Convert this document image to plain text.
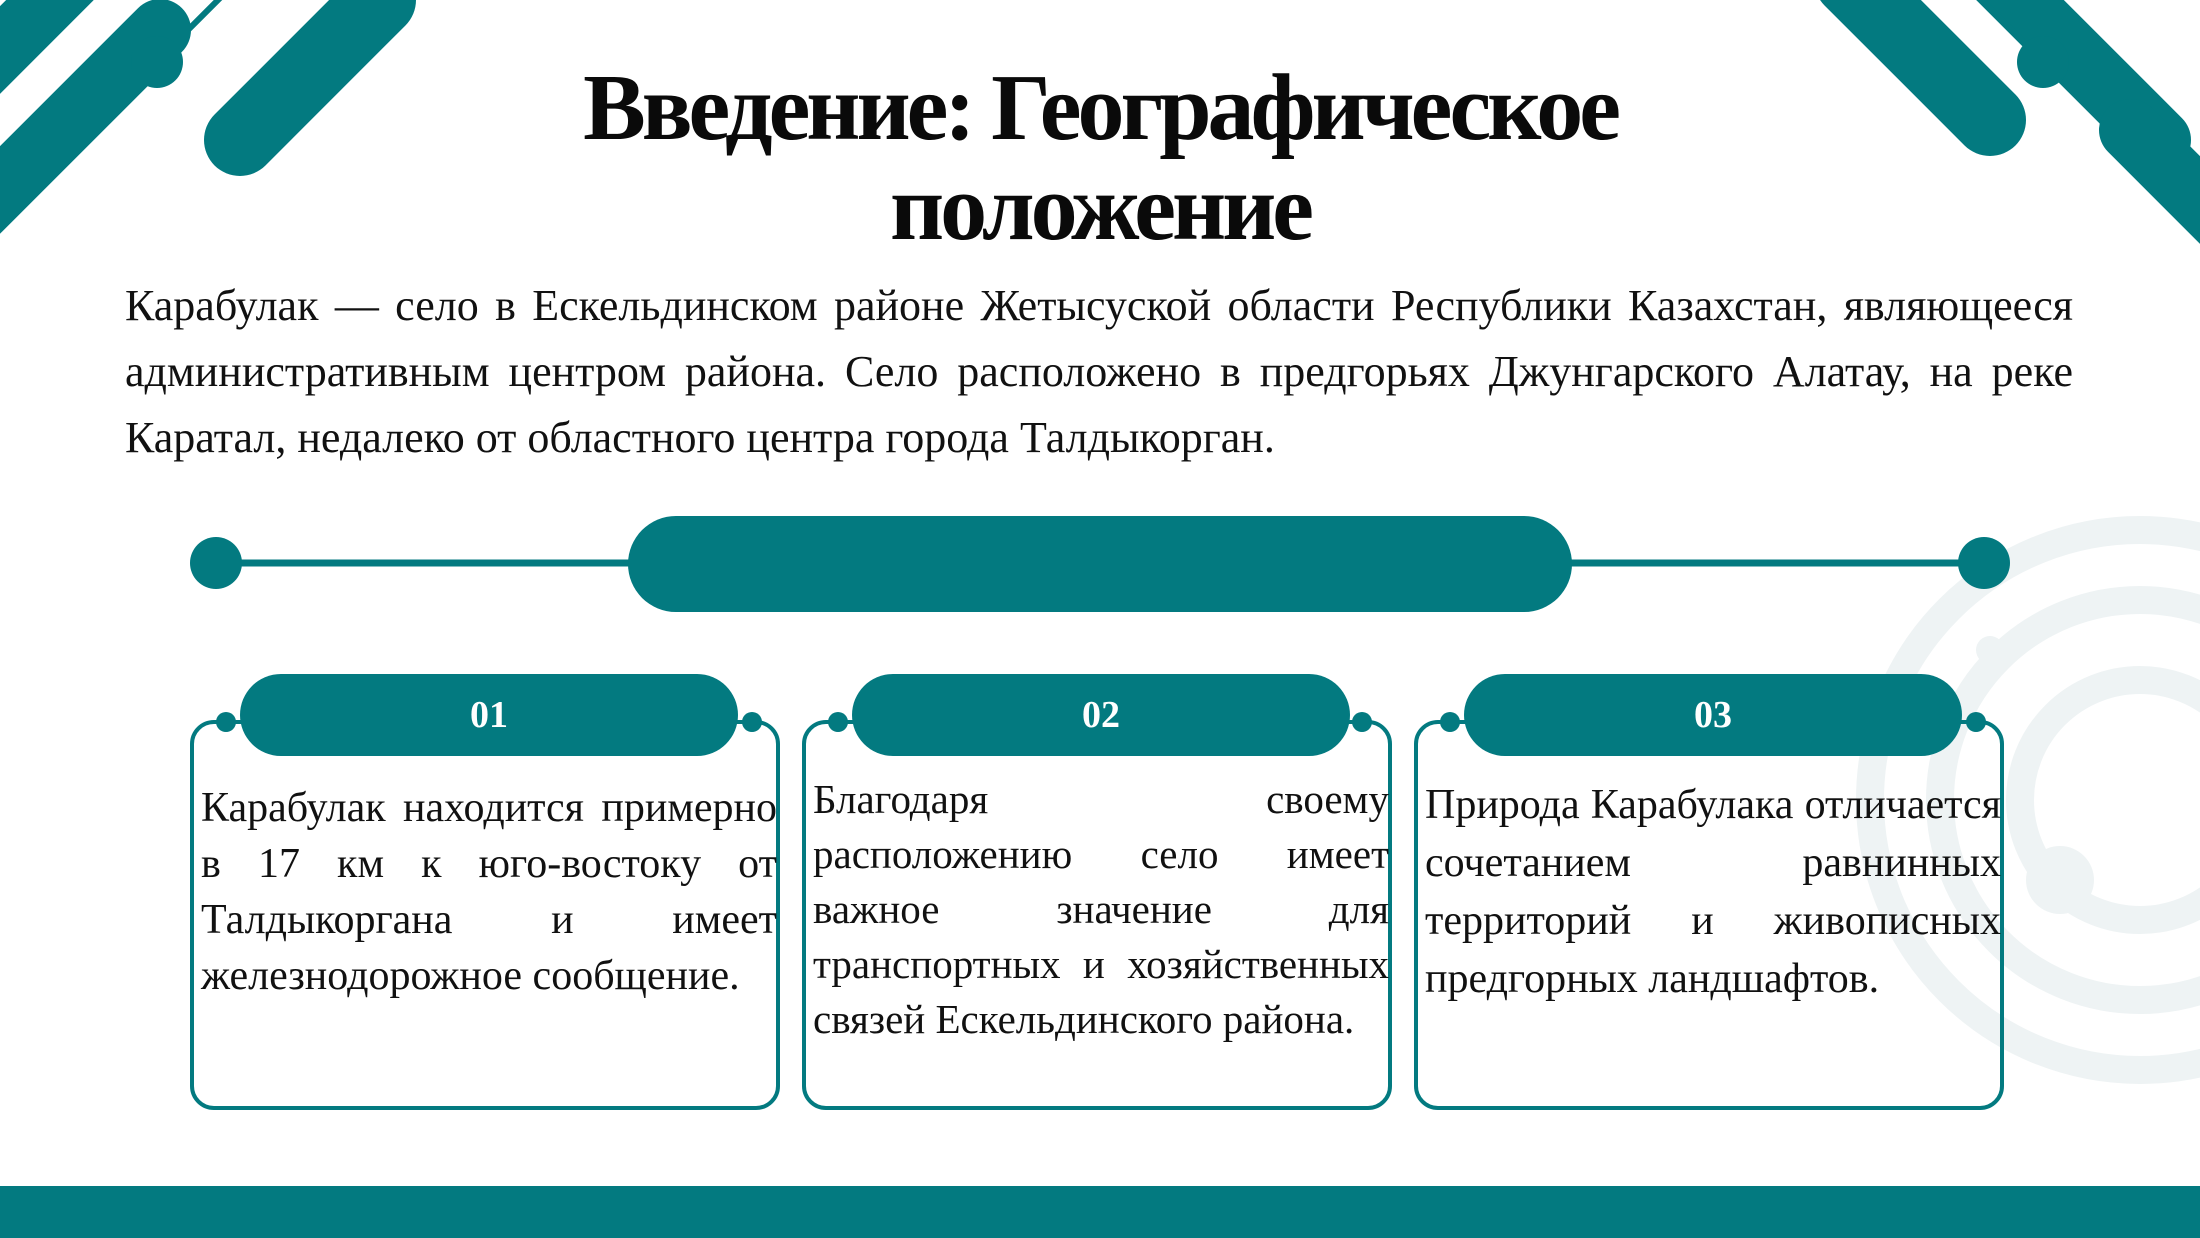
Введение: Географическое
положение
Карабулак — село в Ескельдинском районе Жетысуской области Республики Казахстан, являющееся административным центром района. Село расположено в предгорьях Джунгарского Алатау, на реке Каратал, недалеко от областного центра города Талдыкорган.
01
Карабулак находится примерно в 17 км к юго-востоку от Талдыкоргана и имеет железнодорожное сообщение.
02
Благодаря своему расположению село имеет важное значение для транспортных и хозяйственных связей Ескельдинского района.
03
Природа Карабулака отличается сочетанием равнинных территорий и живописных предгорных ландшафтов.
